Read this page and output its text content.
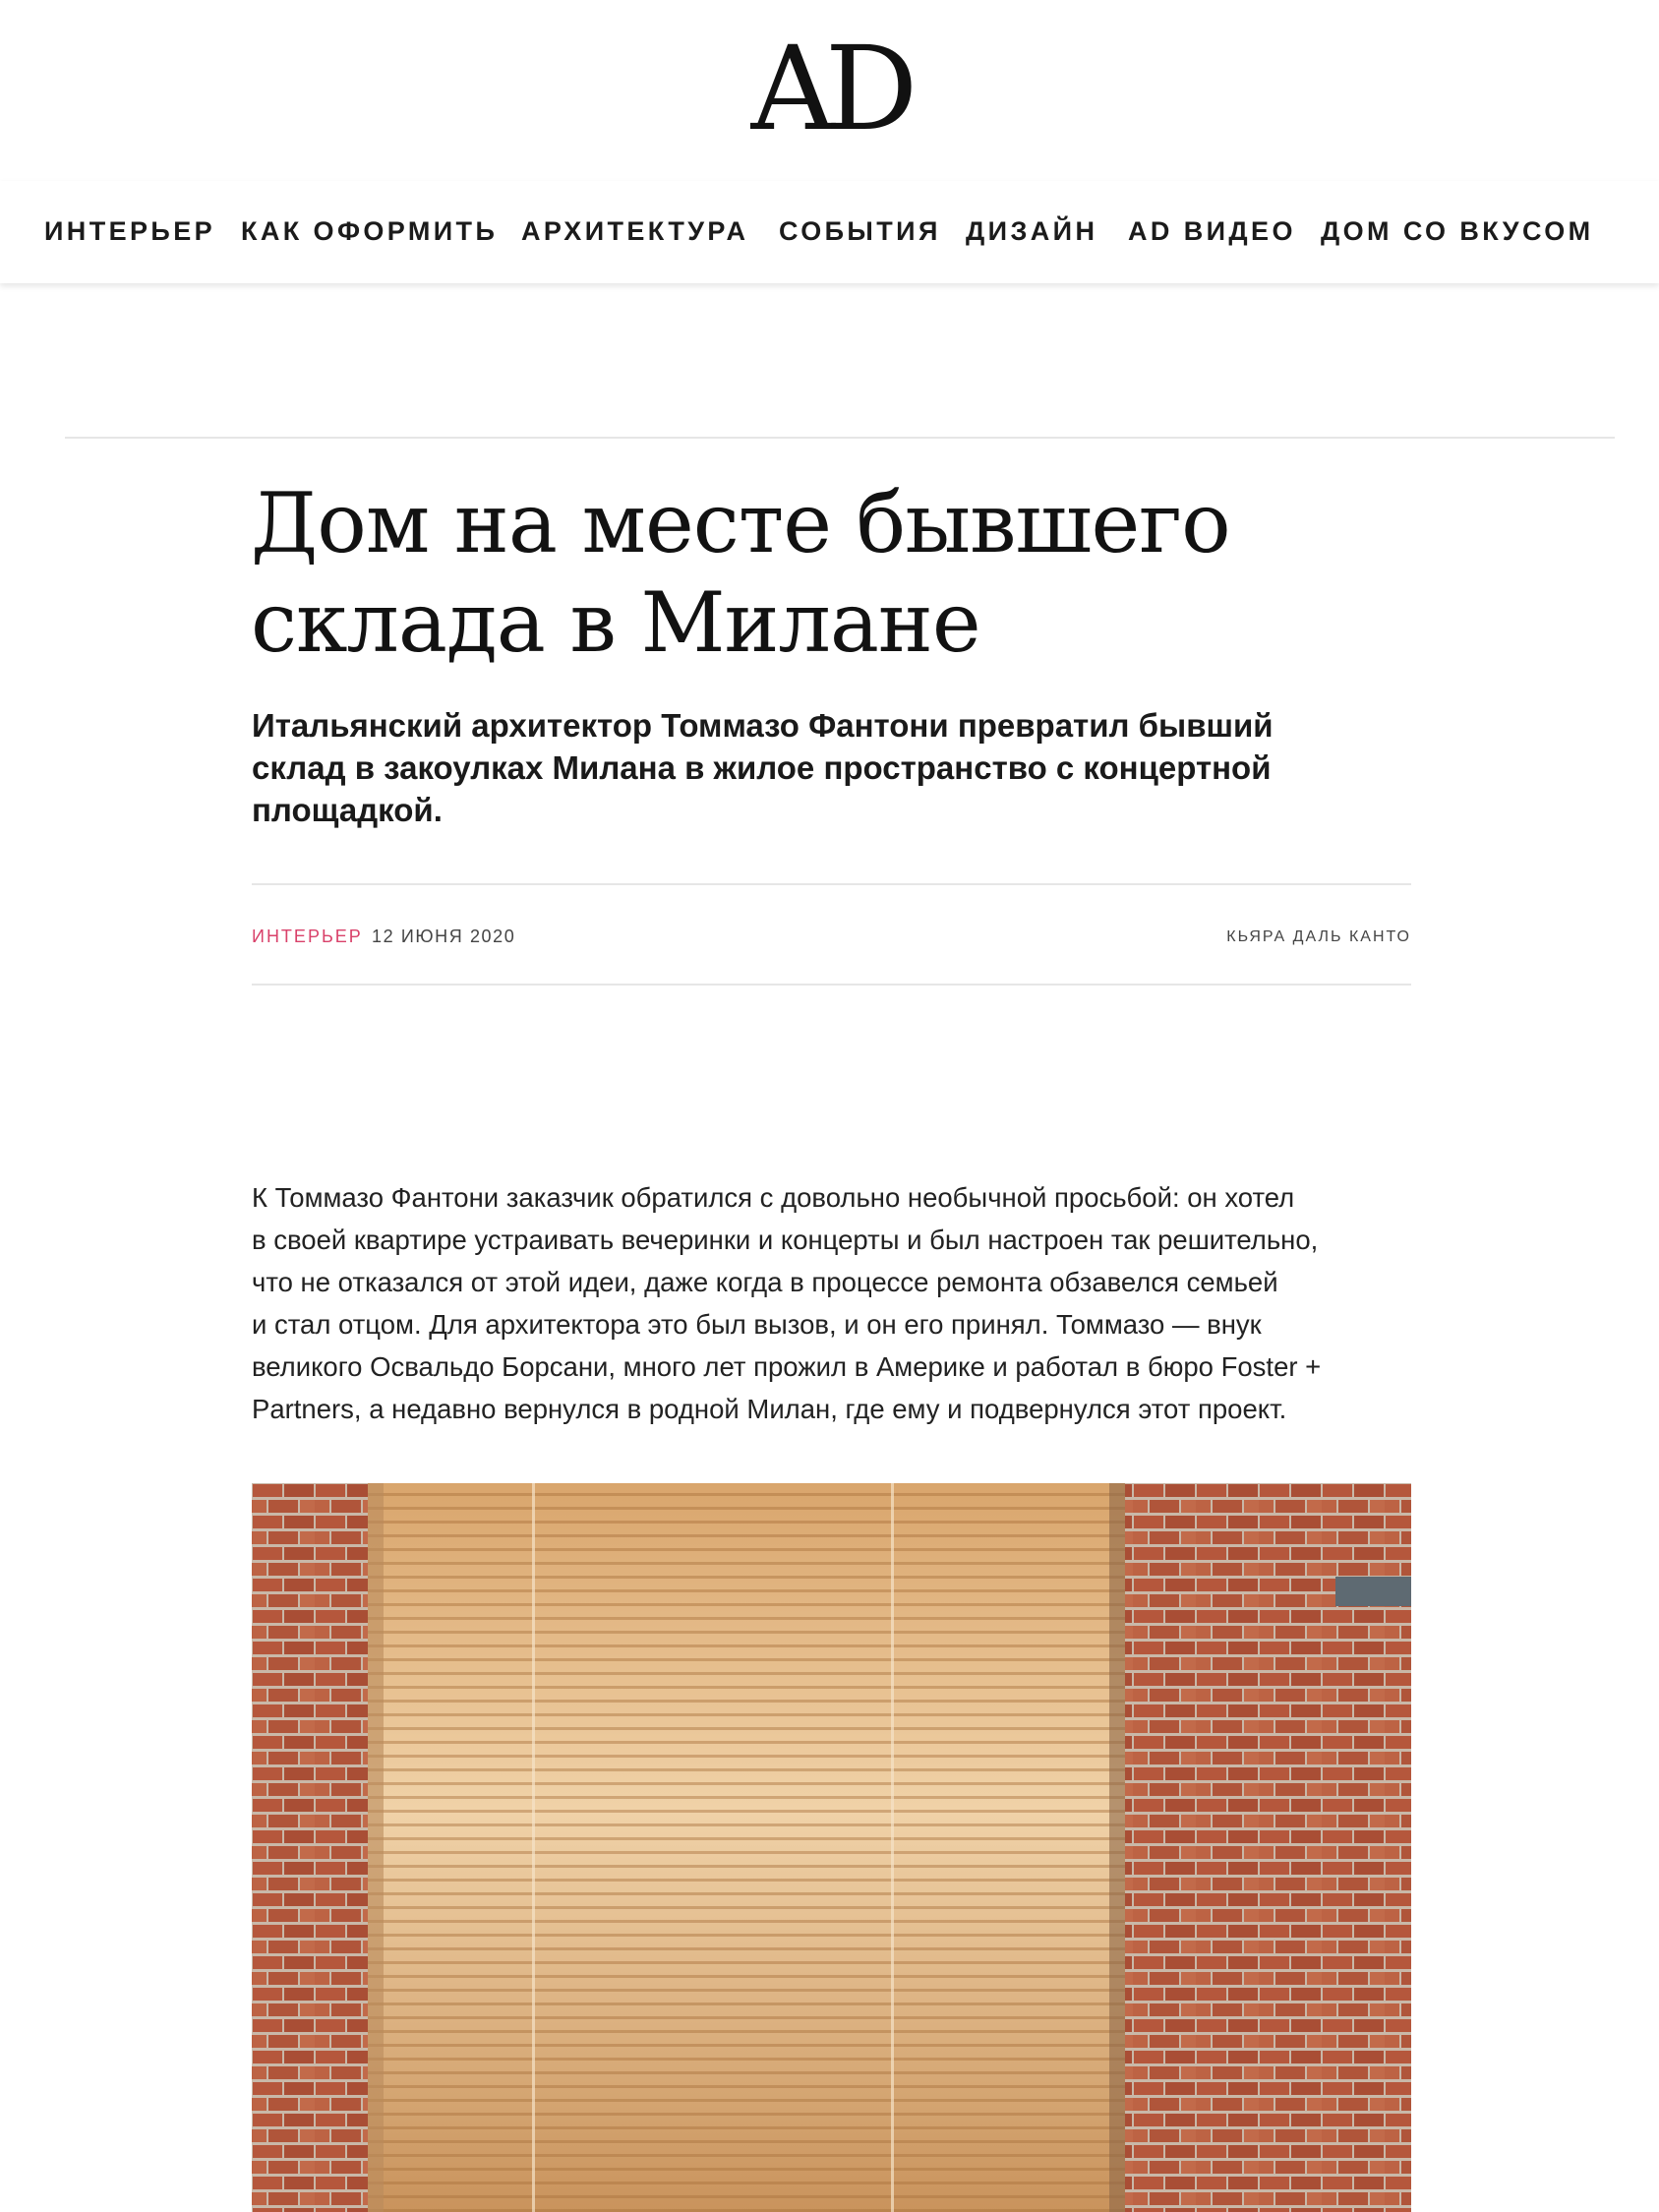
AD
ИНТЕРЬЕР КАК ОФОРМИТЬ АРХИТЕКТУРА СОБЫТИЯ ДИЗАЙН AD ВИДЕО ДОМ СО ВКУСОМ
Дом на месте бывшего
склада в Милане

Итальянский архитектор Томмазо Фантони превратил бывший
склад в закоулках Милана в жилое пространство с концертной
площадкой.

ИНТЕРЬЕР 12 ИЮНЯ 2020	КЬЯРА ДАЛЬ КАНТО

К Томмазо Фантони заказчик обратился с довольно необычной просьбой: он хотел
в своей квартире устраивать вечеринки и концерты и был настроен так решительно,
что не отказался от этой идеи, даже когда в процессе ремонта обзавелся семьей
и стал отцом. Для архитектора это был вызов, и он его принял. Томмазо — внук
великого Освальдо Борсани, много лет прожил в Америке и работал в бюро Foster +
Partners, а недавно вернулся в родной Милан, где ему и подвернулся этот проект.
